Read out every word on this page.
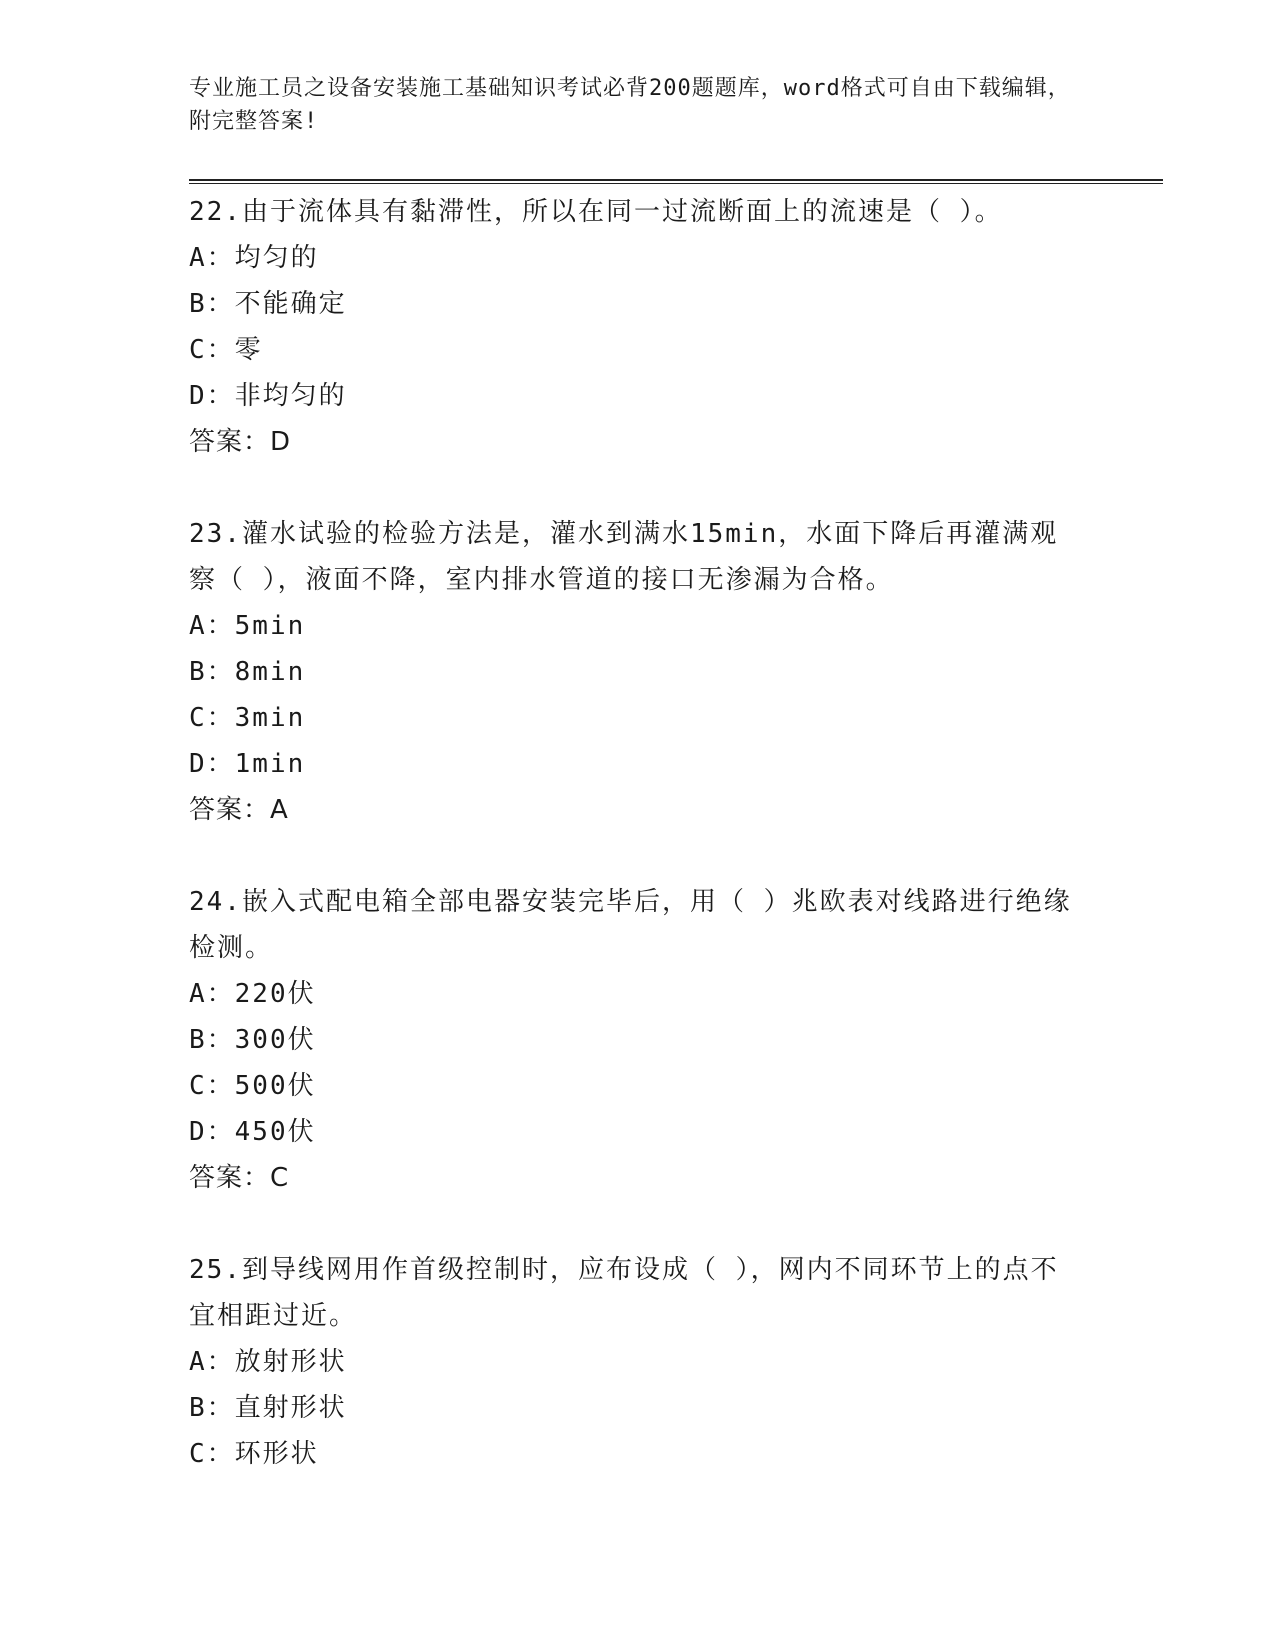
专业施工员之设备安装施工基础知识考试必背200题题库，word格式可自由下载编辑，附完整答案!
22.由于流体具有黏滞性，所以在同一过流断面上的流速是（ ）。
A：均匀的
B：不能确定
C：零
D：非均匀的
答案：D
23.灌水试验的检验方法是，灌水到满水15min，水面下降后再灌满观察（ ），液面不降，室内排水管道的接口无渗漏为合格。
A：5min
B：8min
C：3min
D：1min
答案：A
24.嵌入式配电箱全部电器安装完毕后，用（ ）兆欧表对线路进行绝缘检测。
A：220伏
B：300伏
C：500伏
D：450伏
答案：C
25.到导线网用作首级控制时，应布设成（ ），网内不同环节上的点不宜相距过近。
A：放射形状
B：直射形状
C：环形状
